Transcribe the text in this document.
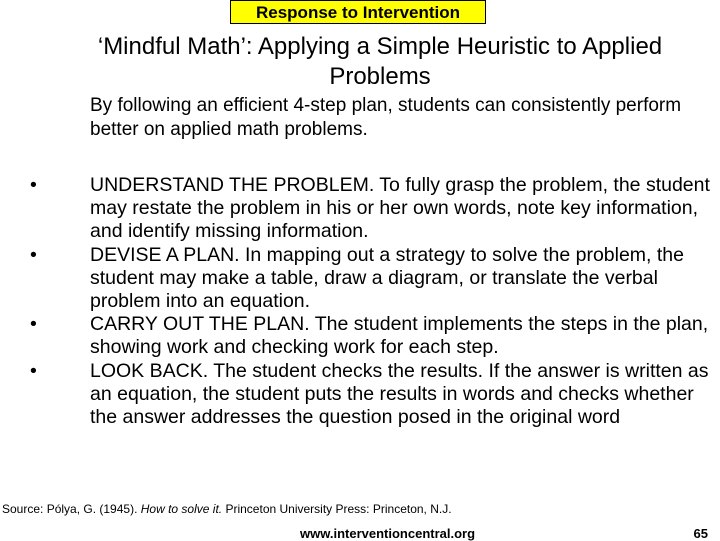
Response to Intervention
‘Mindful Math’: Applying a Simple Heuristic to Applied Problems
By following an efficient 4-step plan, students can consistently perform better on applied math problems.
•	UNDERSTAND THE PROBLEM. To fully grasp the problem, the student may restate the problem in his or her own words, note key information, and identify missing information.
•	DEVISE A PLAN. In mapping out a strategy to solve the problem, the student may make a table, draw a diagram, or translate the verbal problem into an equation.
•	CARRY OUT THE PLAN. The student implements the steps in the plan, showing work and checking work for each step.
•	LOOK BACK. The student checks the results. If the answer is written as an equation, the student puts the results in words and checks whether the answer addresses the question posed in the original word
Source: Pólya, G. (1945). How to solve it. Princeton University Press: Princeton, N.J.
www.interventioncentral.org	65
